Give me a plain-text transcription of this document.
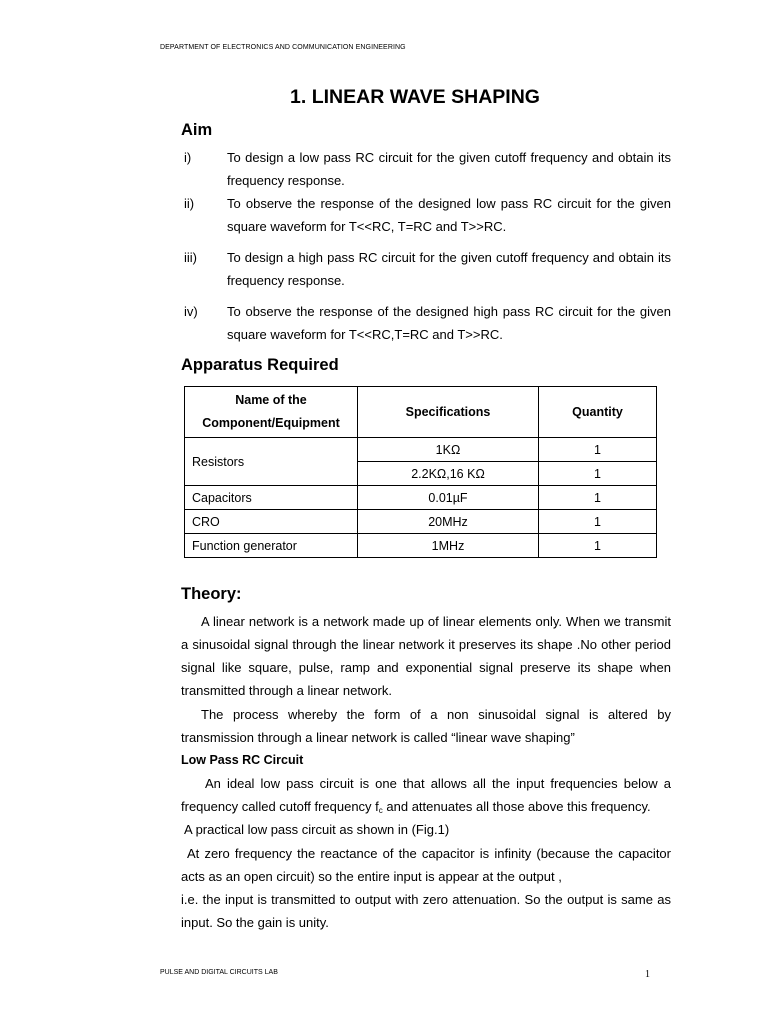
DEPARTMENT OF ELECTRONICS AND COMMUNICATION ENGINEERING
1. LINEAR WAVE SHAPING
Aim
i)	To design a low pass RC circuit for the given cutoff frequency and obtain its frequency response.
ii)	To observe the response of the designed low pass RC circuit for the given square waveform for T<<RC, T=RC and T>>RC.
iii) To design a high pass RC circuit for the given cutoff frequency and obtain its frequency response.
iv) To observe the response of the designed high pass RC circuit for the given square waveform for T<<RC,T=RC and T>>RC.
Apparatus Required
Name of the Component/Equipment	Specifications	Quantity
Resistors	1KΩ	1
	2.2KΩ,16 KΩ	1
Capacitors	0.01µF	1
CRO	20MHz	1
Function generator	1MHz	1
Theory:
A linear network is a network made up of linear elements only. When we transmit a sinusoidal signal through the linear network it preserves its shape .No other period signal like square, pulse, ramp and exponential signal preserve its shape when transmitted through a linear network.
The process whereby the form of a non sinusoidal signal is altered by transmission through a linear network is called “linear wave shaping”
Low Pass RC Circuit
An ideal low pass circuit is one that allows all the input frequencies below a frequency called cutoff frequency $f_c$ and attenuates all those above this frequency.
A practical low pass circuit as shown in (Fig.1)
At zero frequency the reactance of the capacitor is infinity (because the capacitor acts as an open circuit) so the entire input is appear at the output ,
i.e. the input is transmitted to output with zero attenuation. So the output is same as input. So the gain is unity.
PULSE AND DIGITAL CIRCUITS LAB	1
